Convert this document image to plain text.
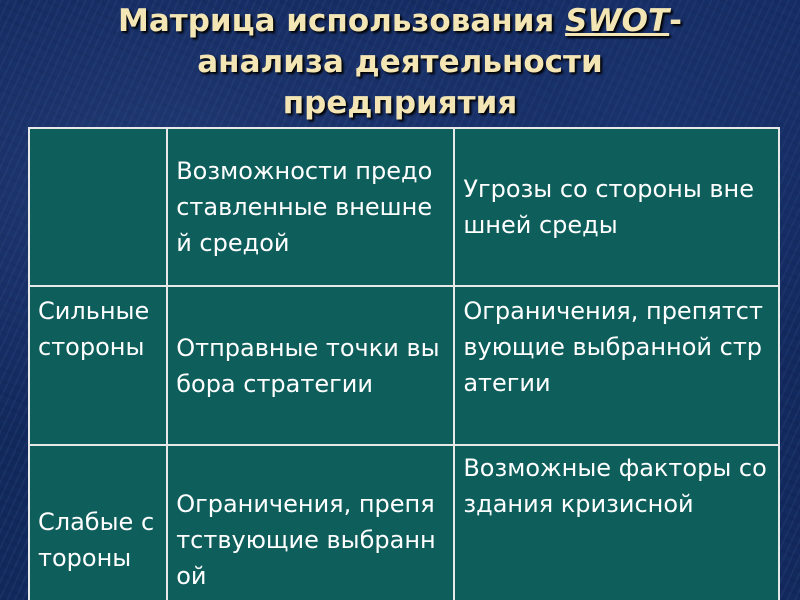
Матрица использования SWOT-
анализа деятельности
предприятия
	Возможности предоставленные внешней средой	Угрозы со стороны внешней среды
Сильные стороны	Отправные точки выбора стратегии	Ограничения, препятствующие выбранной стратегии
Слабые стороны	Ограничения, препятствующие выбранной	Возможные факторы создания кризисной
